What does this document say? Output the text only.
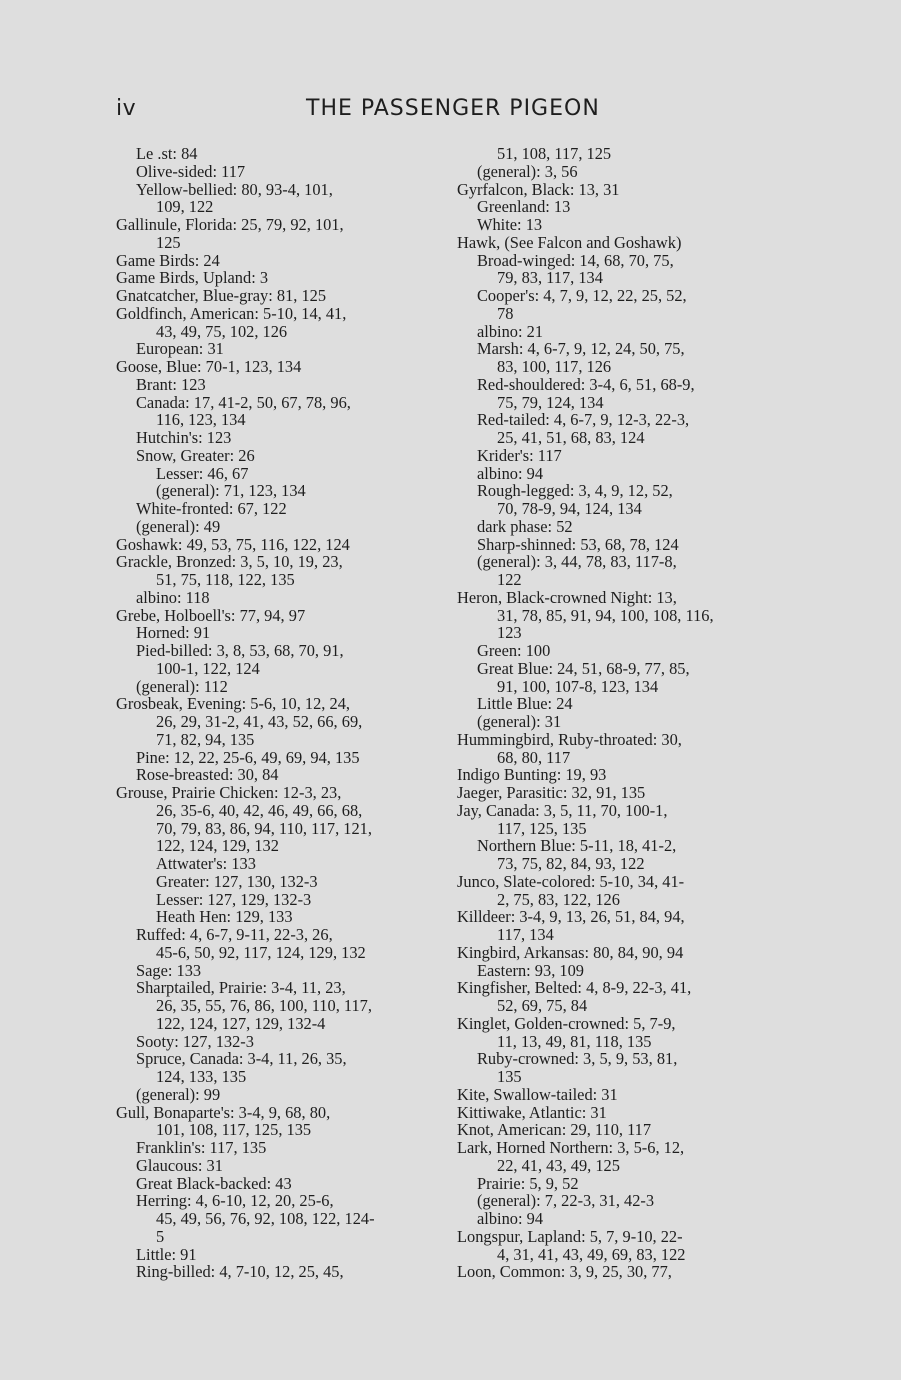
iv	THE PASSENGER PIGEON
Le .st: 84
Olive-sided: 117
Yellow-bellied: 80, 93-4, 101,
109, 122
Gallinule, Florida: 25, 79, 92, 101,
125
Game Birds: 24
Game Birds, Upland: 3
Gnatcatcher, Blue-gray: 81, 125
Goldfinch, American: 5-10, 14, 41,
43, 49, 75, 102, 126
European: 31
Goose, Blue: 70-1, 123, 134
Brant: 123
Canada: 17, 41-2, 50, 67, 78, 96,
116, 123, 134
Hutchin's: 123
Snow, Greater: 26
Lesser: 46, 67
(general): 71, 123, 134
White-fronted: 67, 122
(general): 49
Goshawk: 49, 53, 75, 116, 122, 124
Grackle, Bronzed: 3, 5, 10, 19, 23,
51, 75, 118, 122, 135
albino: 118
Grebe, Holboell's: 77, 94, 97
Horned: 91
Pied-billed: 3, 8, 53, 68, 70, 91,
100-1, 122, 124
(general): 112
Grosbeak, Evening: 5-6, 10, 12, 24,
26, 29, 31-2, 41, 43, 52, 66, 69,
71, 82, 94, 135
Pine: 12, 22, 25-6, 49, 69, 94, 135
Rose-breasted: 30, 84
Grouse, Prairie Chicken: 12-3, 23,
26, 35-6, 40, 42, 46, 49, 66, 68,
70, 79, 83, 86, 94, 110, 117, 121,
122, 124, 129, 132
Attwater's: 133
Greater: 127, 130, 132-3
Lesser: 127, 129, 132-3
Heath Hen: 129, 133
Ruffed: 4, 6-7, 9-11, 22-3, 26,
45-6, 50, 92, 117, 124, 129, 132
Sage: 133
Sharptailed, Prairie: 3-4, 11, 23,
26, 35, 55, 76, 86, 100, 110, 117,
122, 124, 127, 129, 132-4
Sooty: 127, 132-3
Spruce, Canada: 3-4, 11, 26, 35,
124, 133, 135
(general): 99
Gull, Bonaparte's: 3-4, 9, 68, 80,
101, 108, 117, 125, 135
Franklin's: 117, 135
Glaucous: 31
Great Black-backed: 43
Herring: 4, 6-10, 12, 20, 25-6,
45, 49, 56, 76, 92, 108, 122, 124-
5
Little: 91
Ring-billed: 4, 7-10, 12, 25, 45,
51, 108, 117, 125
(general): 3, 56
Gyrfalcon, Black: 13, 31
Greenland: 13
White: 13
Hawk, (See Falcon and Goshawk)
Broad-winged: 14, 68, 70, 75,
79, 83, 117, 134
Cooper's: 4, 7, 9, 12, 22, 25, 52,
78
albino: 21
Marsh: 4, 6-7, 9, 12, 24, 50, 75,
83, 100, 117, 126
Red-shouldered: 3-4, 6, 51, 68-9,
75, 79, 124, 134
Red-tailed: 4, 6-7, 9, 12-3, 22-3,
25, 41, 51, 68, 83, 124
Krider's: 117
albino: 94
Rough-legged: 3, 4, 9, 12, 52,
70, 78-9, 94, 124, 134
dark phase: 52
Sharp-shinned: 53, 68, 78, 124
(general): 3, 44, 78, 83, 117-8,
122
Heron, Black-crowned Night: 13,
31, 78, 85, 91, 94, 100, 108, 116,
123
Green: 100
Great Blue: 24, 51, 68-9, 77, 85,
91, 100, 107-8, 123, 134
Little Blue: 24
(general): 31
Hummingbird, Ruby-throated: 30,
68, 80, 117
Indigo Bunting: 19, 93
Jaeger, Parasitic: 32, 91, 135
Jay, Canada: 3, 5, 11, 70, 100-1,
117, 125, 135
Northern Blue: 5-11, 18, 41-2,
73, 75, 82, 84, 93, 122
Junco, Slate-colored: 5-10, 34, 41-
2, 75, 83, 122, 126
Killdeer: 3-4, 9, 13, 26, 51, 84, 94,
117, 134
Kingbird, Arkansas: 80, 84, 90, 94
Eastern: 93, 109
Kingfisher, Belted: 4, 8-9, 22-3, 41,
52, 69, 75, 84
Kinglet, Golden-crowned: 5, 7-9,
11, 13, 49, 81, 118, 135
Ruby-crowned: 3, 5, 9, 53, 81,
135
Kite, Swallow-tailed: 31
Kittiwake, Atlantic: 31
Knot, American: 29, 110, 117
Lark, Horned Northern: 3, 5-6, 12,
22, 41, 43, 49, 125
Prairie: 5, 9, 52
(general): 7, 22-3, 31, 42-3
albino: 94
Longspur, Lapland: 5, 7, 9-10, 22-
4, 31, 41, 43, 49, 69, 83, 122
Loon, Common: 3, 9, 25, 30, 77,
